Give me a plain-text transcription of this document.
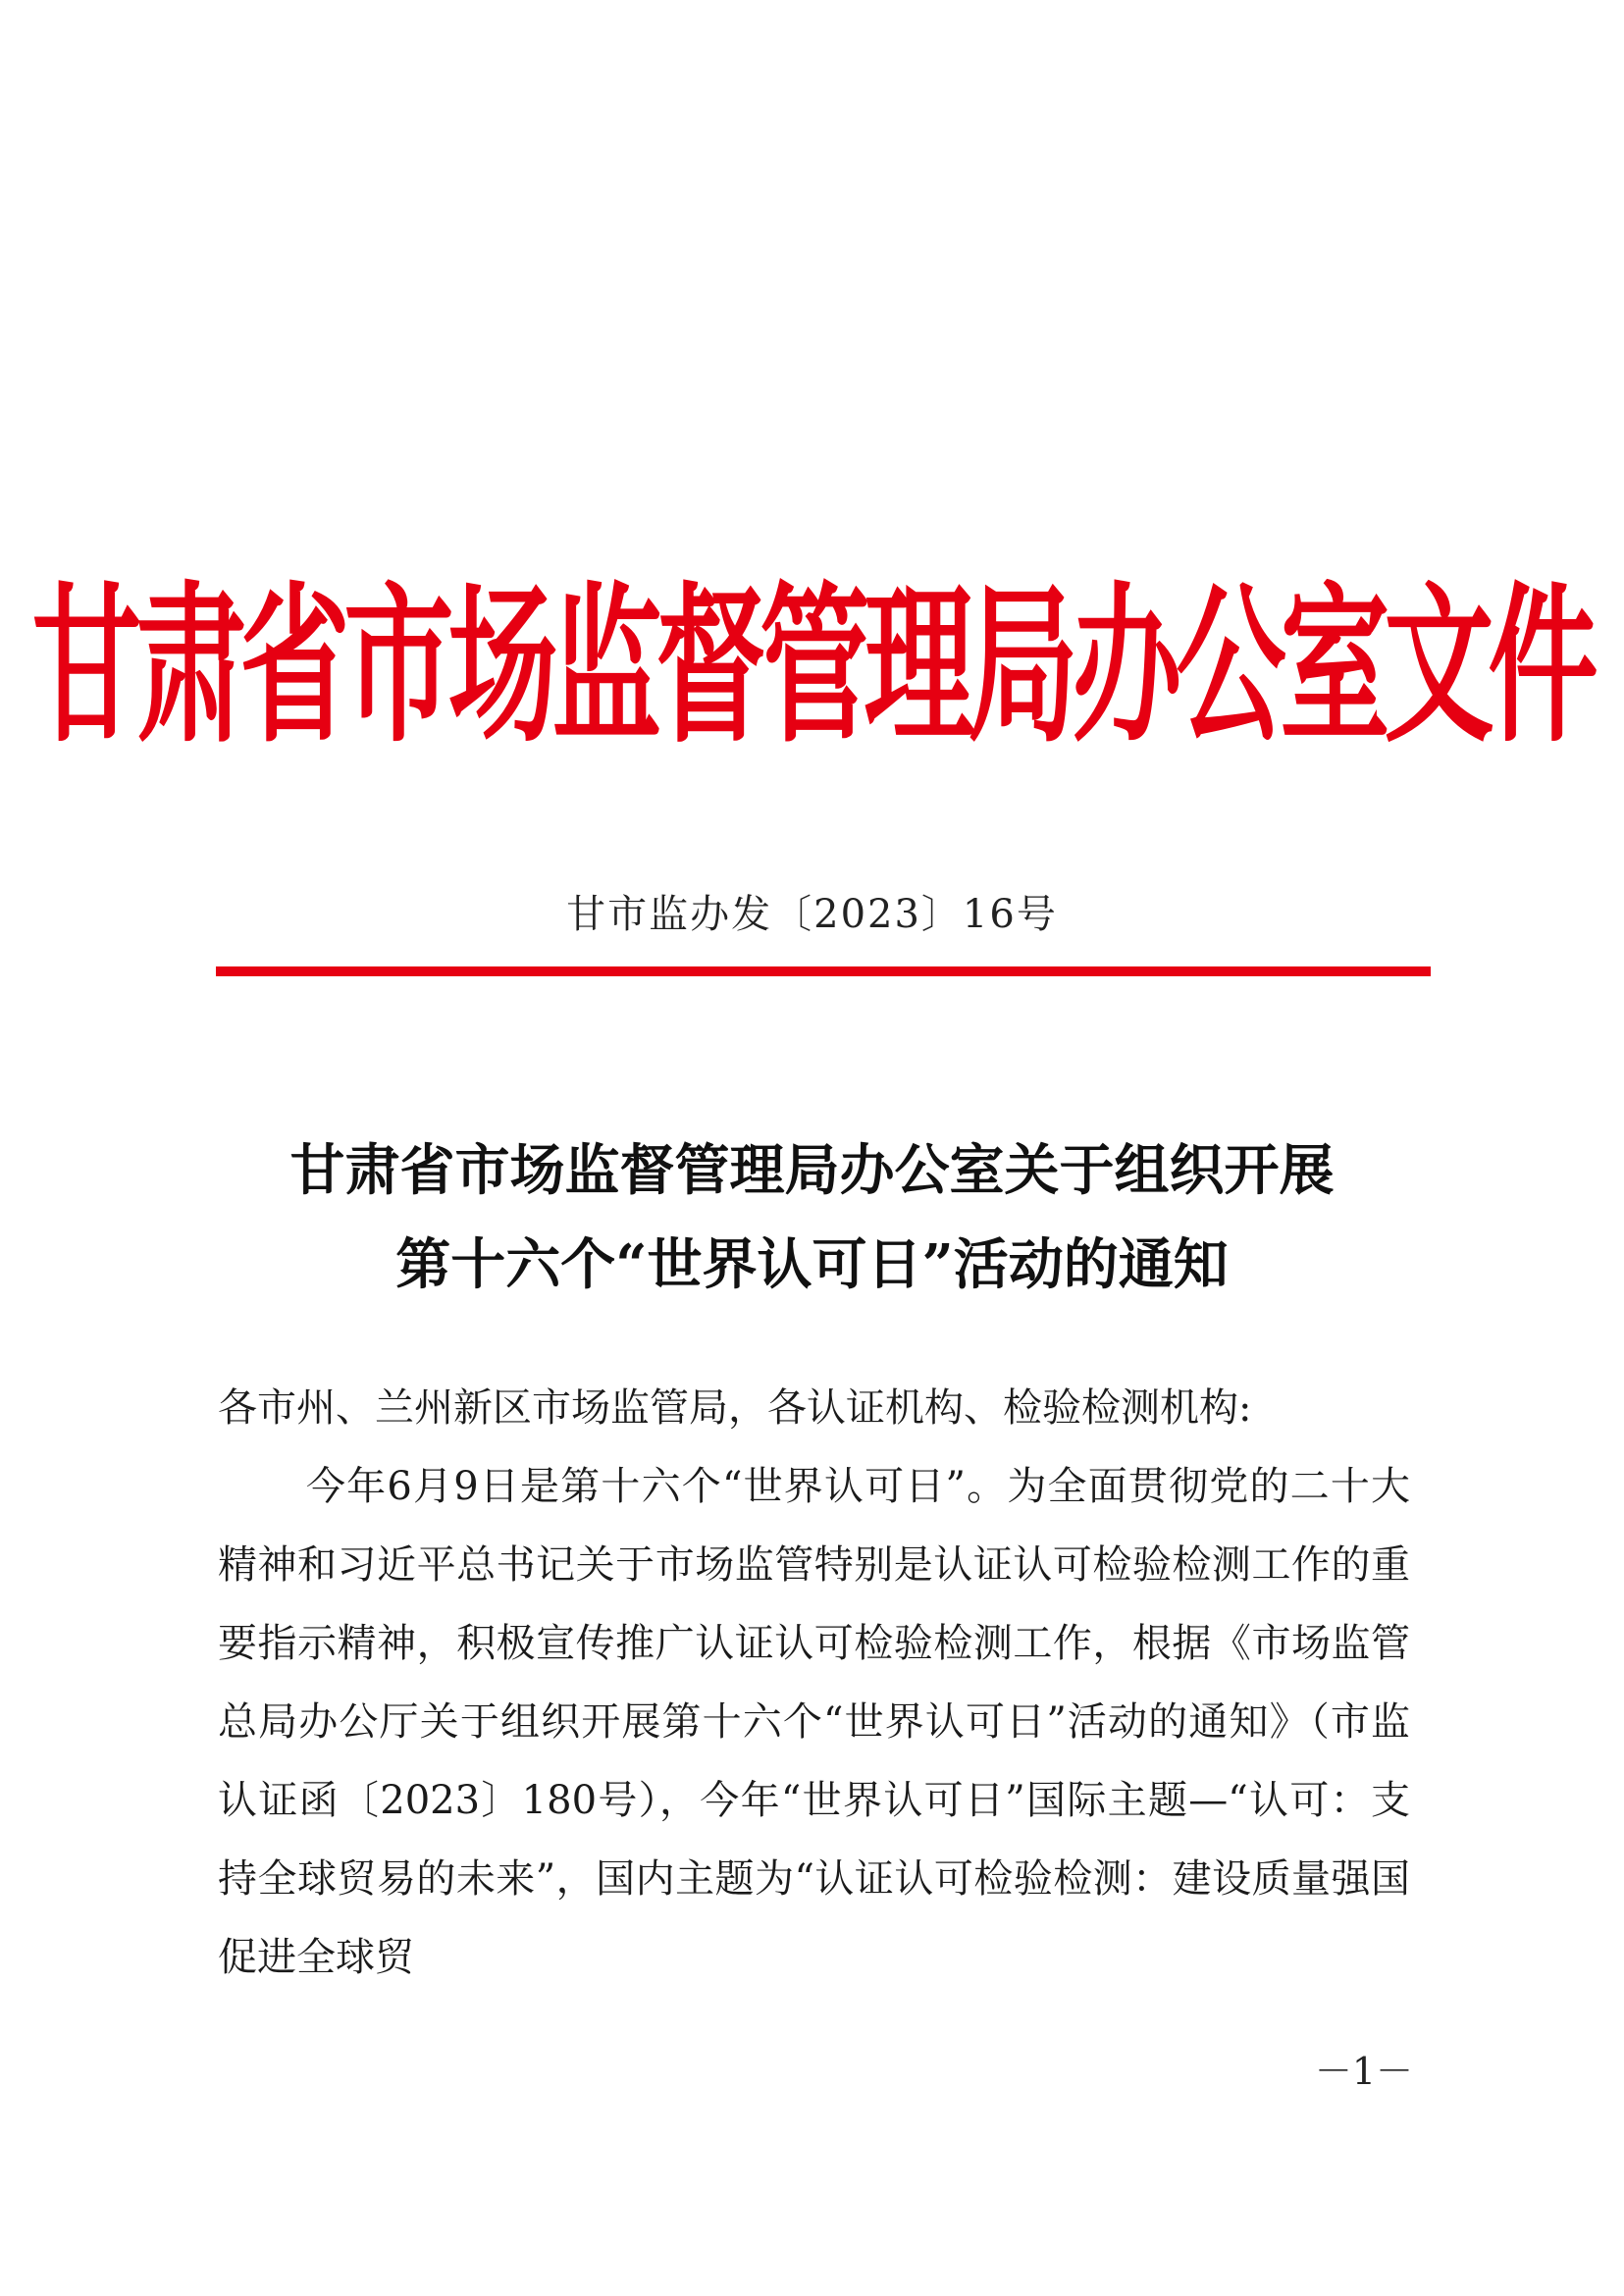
甘肃省市场监督管理局办公室文件
甘市监办发〔2023〕16号
甘肃省市场监督管理局办公室关于组织开展
第十六个“世界认可日”活动的通知

各市州、兰州新区市场监管局，各认证机构、检验检测机构:

今年6月9日是第十六个“世界认可日”。为全面贯彻党的二十大精神和习近平总书记关于市场监管特别是认证认可检验检测工作的重要指示精神，积极宣传推广认证认可检验检测工作，根据《市场监管总局办公厅关于组织开展第十六个“世界认可日”活动的通知》（市监认证函〔2023〕180号），今年“世界认可日”国际主题—“认可：支持全球贸易的未来”，国内主题为“认证认可检验检测：建设质量强国 促进全球贸

－1－
